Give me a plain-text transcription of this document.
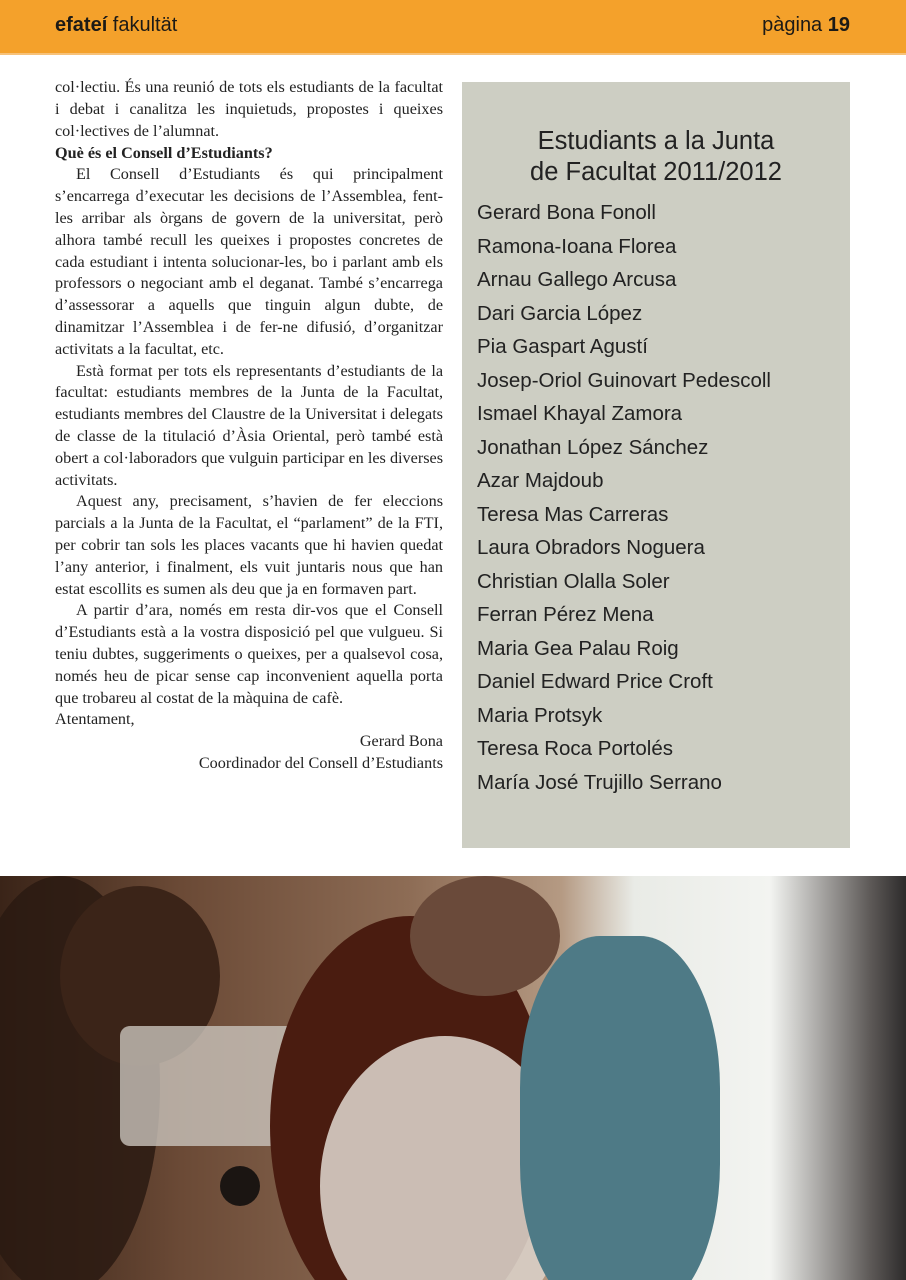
efateí fakultät	pàgina 19

col·lectiu. És una reunió de tots els estudiants de la facultat i debat i canalitza les inquietuds, propostes i queixes col·lectives de l’alumnat.

Què és el Consell d’Estudiants?

El Consell d’Estudiants és qui principalment s’encarrega d’executar les decisions de l’Assemblea, fent-les arribar als òrgans de govern de la universitat, però alhora també recull les queixes i propostes concretes de cada estudiant i intenta solucionar-les, bo i parlant amb els professors o negociant amb el deganat. També s’encarrega d’assessorar a aquells que tinguin algun dubte, de dinamitzar l’Assemblea i de fer-ne difusió, d’organitzar activitats a la facultat, etc.

Està format per tots els representants d’estudiants de la facultat: estudiants membres de la Junta de la Facultat, estudiants membres del Claustre de la Universitat i delegats de classe de la titulació d’Àsia Oriental, però també està obert a col·laboradors que vulguin participar en les diverses activitats.

Aquest any, precisament, s’havien de fer eleccions parcials a la Junta de la Facultat, el “parlament” de la FTI, per cobrir tan sols les places vacants que hi havien quedat l’any anterior, i finalment, els vuit juntaris nous que han estat escollits es sumen als deu que ja en formaven part.

A partir d’ara, només em resta dir-vos que el Consell d’Estudiants està a la vostra disposició pel que vulgueu. Si teniu dubtes, suggeriments o queixes, per a qualsevol cosa, només heu de picar sense cap inconvenient aquella porta que trobareu al costat de la màquina de cafè.

Atentament,
Gerard Bona
Coordinador del Consell d’Estudiants
Estudiants a la Junta
de Facultat 2011/2012
Gerard Bona Fonoll
Ramona-Ioana Florea
Arnau Gallego Arcusa
Dari Garcia López
Pia Gaspart Agustí
Josep-Oriol Guinovart Pedescoll
Ismael Khayal Zamora
Jonathan López Sánchez
Azar Majdoub
Teresa Mas Carreras
Laura Obradors Noguera
Christian Olalla Soler
Ferran Pérez Mena
Maria Gea Palau Roig
Daniel Edward Price Croft
Maria Protsyk
Teresa Roca Portolés
María José Trujillo Serrano
